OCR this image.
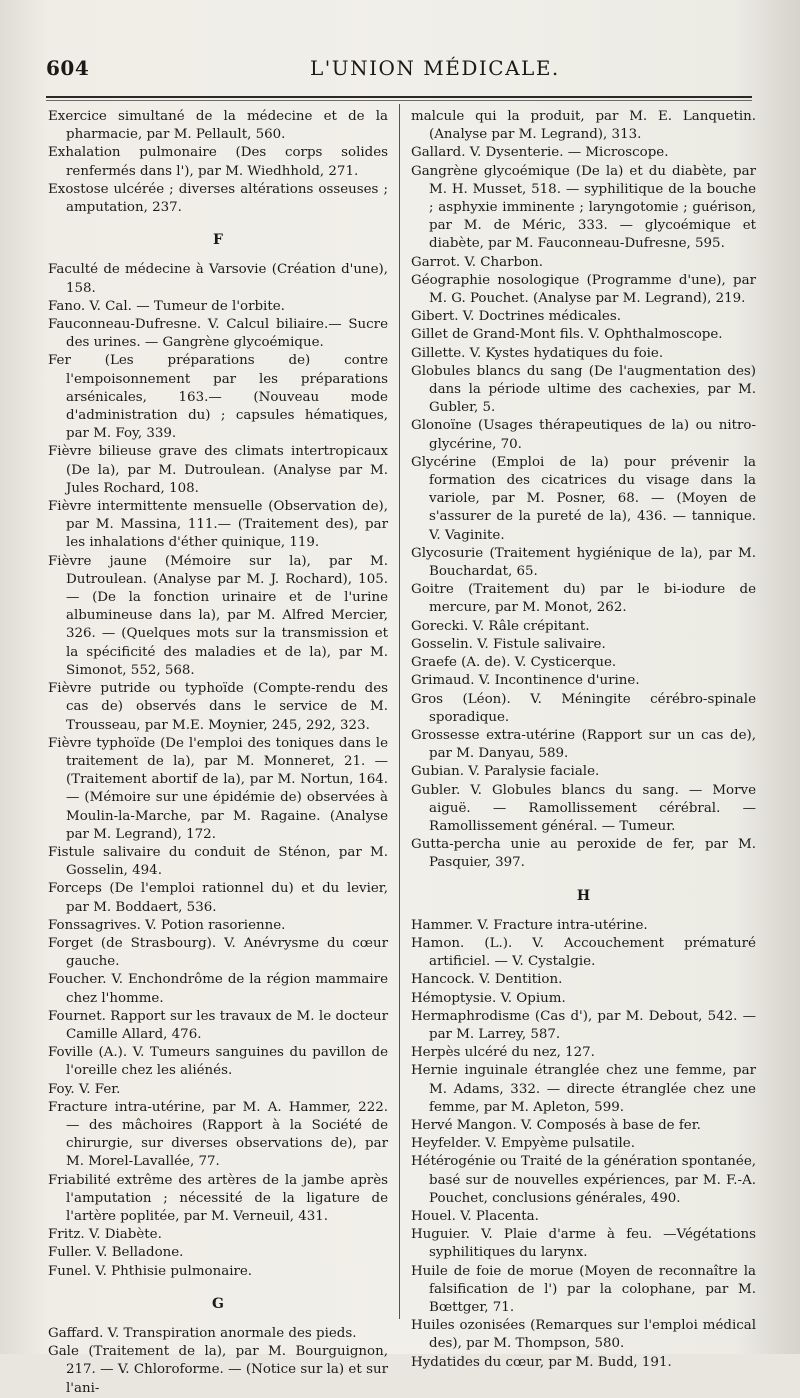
604	L'UNION MÉDICALE.

Exercice simultané de la médecine et de la pharmacie, par M. Pellault, 560.

Exhalation pulmonaire (Des corps solides renfermés dans l'), par M. Wiedhhold, 271.

Exostose ulcérée ; diverses altérations osseuses ; amputation, 237.

F

Faculté de médecine à Varsovie (Création d'une), 158.

Fano. V. Cal. — Tumeur de l'orbite.

Fauconneau-Dufresne. V. Calcul biliaire.— Sucre des urines. — Gangrène glycoémique.

Fer (Les préparations de) contre l'empoisonnement par les préparations arsénicales, 163.— (Nouveau mode d'administration du) ; capsules hématiques, par M. Foy, 339.

Fièvre bilieuse grave des climats intertropicaux (De la), par M. Dutroulean. (Analyse par M. Jules Rochard, 108.

Fièvre intermittente mensuelle (Observation de), par M. Massina, 111.— (Traitement des), par les inhalations d'éther quinique, 119.

Fièvre jaune (Mémoire sur la), par M. Dutroulean. (Analyse par M. J. Rochard), 105. — (De la fonction urinaire et de l'urine albumineuse dans la), par M. Alfred Mercier, 326. — (Quelques mots sur la transmission et la spécificité des maladies et de la), par M. Simonot, 552, 568.

Fièvre putride ou typhoïde (Compte-rendu des cas de) observés dans le service de M. Trousseau, par M.E. Moynier, 245, 292, 323.

Fièvre typhoïde (De l'emploi des toniques dans le traitement de la), par M. Monneret, 21. — (Traitement abortif de la), par M. Nortun, 164. — (Mémoire sur une épidémie de) observées à Moulin-la-Marche, par M. Ragaine. (Analyse par M. Legrand), 172.

Fistule salivaire du conduit de Sténon, par M. Gosselin, 494.

Forceps (De l'emploi rationnel du) et du levier, par M. Boddaert, 536.

Fonssagrives. V. Potion rasorienne.

Forget (de Strasbourg). V. Anévrysme du cœur gauche.

Foucher. V. Enchondrôme de la région mammaire chez l'homme.

Fournet. Rapport sur les travaux de M. le docteur Camille Allard, 476.

Foville (A.). V. Tumeurs sanguines du pavillon de l'oreille chez les aliénés.

Foy. V. Fer.

Fracture intra-utérine, par M. A. Hammer, 222. — des mâchoires (Rapport à la Société de chirurgie, sur diverses observations de), par M. Morel-Lavallée, 77.

Friabilité extrême des artères de la jambe après l'amputation ; nécessité de la ligature de l'artère poplitée, par M. Verneuil, 431.

Fritz. V. Diabète.

Fuller. V. Belladone.

Funel. V. Phthisie pulmonaire.

G

Gaffard. V. Transpiration anormale des pieds.

Gale (Traitement de la), par M. Bourguignon, 217. — V. Chloroforme. — (Notice sur la) et sur l'ani-

malcule qui la produit, par M. E. Lanquetin. (Analyse par M. Legrand), 313.

Gallard. V. Dysenterie. — Microscope.

Gangrène glycoémique (De la) et du diabète, par M. H. Musset, 518. — syphilitique de la bouche ; asphyxie imminente ; laryngotomie ; guérison, par M. de Méric, 333. — glycoémique et diabète, par M. Fauconneau-Dufresne, 595.

Garrot. V. Charbon.

Géographie nosologique (Programme d'une), par M. G. Pouchet. (Analyse par M. Legrand), 219.

Gibert. V. Doctrines médicales.

Gillet de Grand-Mont fils. V. Ophthalmoscope.

Gillette. V. Kystes hydatiques du foie.

Globules blancs du sang (De l'augmentation des) dans la période ultime des cachexies, par M. Gubler, 5.

Glonoïne (Usages thérapeutiques de la) ou nitro-glycérine, 70.

Glycérine (Emploi de la) pour prévenir la formation des cicatrices du visage dans la variole, par M. Posner, 68. — (Moyen de s'assurer de la pureté de la), 436. — tannique. V. Vaginite.

Glycosurie (Traitement hygiénique de la), par M. Bouchardat, 65.

Goitre (Traitement du) par le bi-iodure de mercure, par M. Monot, 262.

Gorecki. V. Râle crépitant.

Gosselin. V. Fistule salivaire.

Graefe (A. de). V. Cysticerque.

Grimaud. V. Incontinence d'urine.

Gros (Léon). V. Méningite cérébro-spinale sporadique.

Grossesse extra-utérine (Rapport sur un cas de), par M. Danyau, 589.

Gubian. V. Paralysie faciale.

Gubler. V. Globules blancs du sang. — Morve aiguë. — Ramollissement cérébral. — Ramollissement général. — Tumeur.

Gutta-percha unie au peroxide de fer, par M. Pasquier, 397.

H

Hammer. V. Fracture intra-utérine.

Hamon. (L.). V. Accouchement prématuré artificiel. — V. Cystalgie.

Hancock. V. Dentition.

Hémoptysie. V. Opium.

Hermaphrodisme (Cas d'), par M. Debout, 542. — par M. Larrey, 587.

Herpès ulcéré du nez, 127.

Hernie inguinale étranglée chez une femme, par M. Adams, 332. — directe étranglée chez une femme, par M. Apleton, 599.

Hervé Mangon. V. Composés à base de fer.

Heyfelder. V. Empyème pulsatile.

Hétérogénie ou Traité de la génération spontanée, basé sur de nouvelles expériences, par M. F.-A. Pouchet, conclusions générales, 490.

Houel. V. Placenta.

Huguier. V. Plaie d'arme à feu. —Végétations syphilitiques du larynx.

Huile de foie de morue (Moyen de reconnaître la falsification de l') par la colophane, par M. Bœttger, 71.

Huiles ozonisées (Remarques sur l'emploi médical des), par M. Thompson, 580.

Hydatides du cœur, par M. Budd, 191.
